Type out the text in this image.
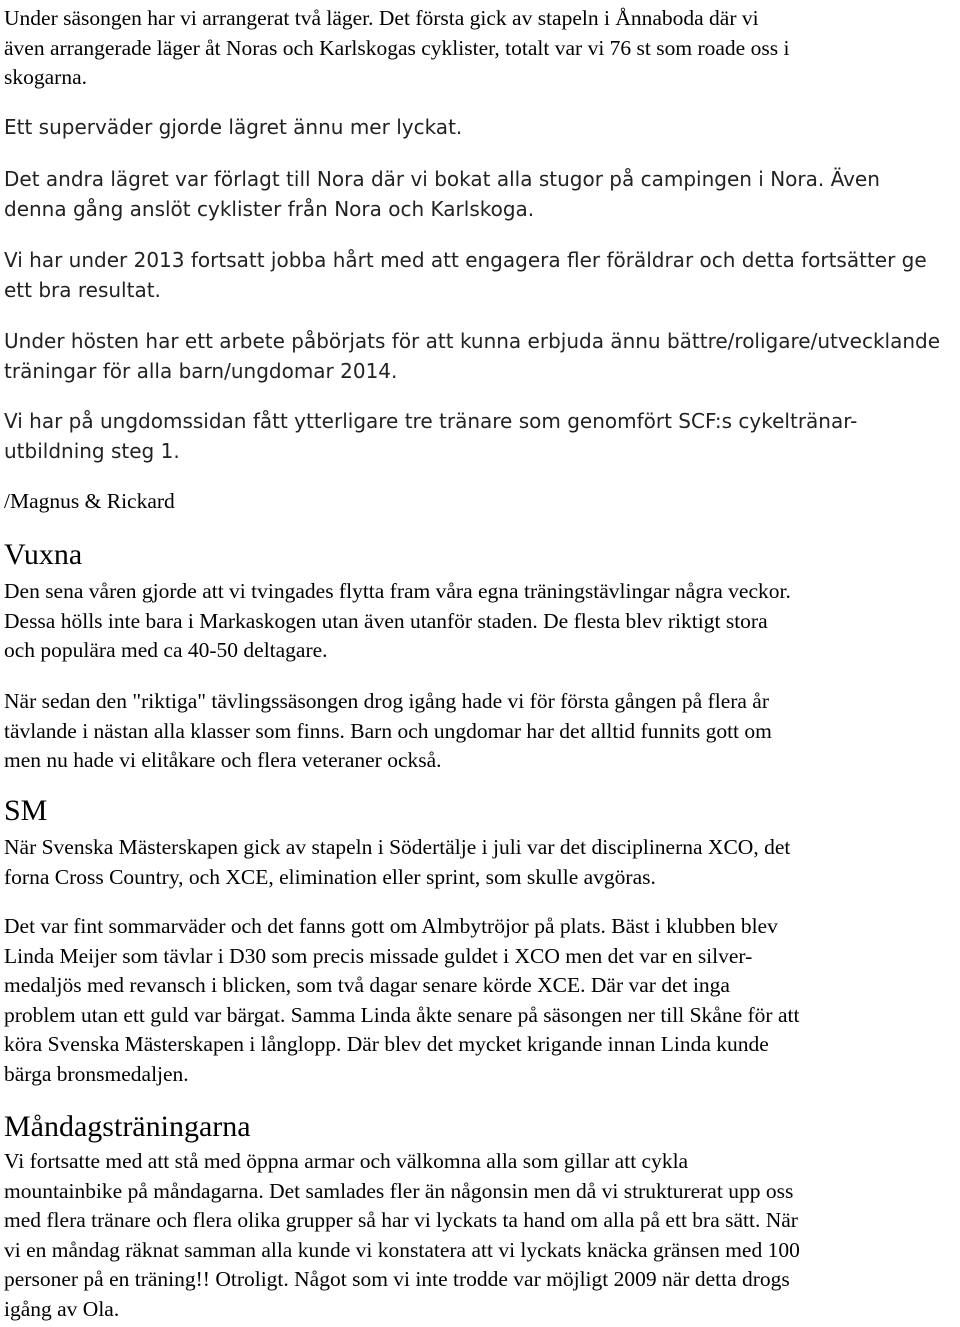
Under säsongen har vi arrangerat två läger. Det första gick av stapeln i Ånnaboda där vi
även arrangerade läger åt Noras och Karlskogas cyklister, totalt var vi 76 st som roade oss i
skogarna.

Ett superväder gjorde lägret ännu mer lyckat.

Det andra lägret var förlagt till Nora där vi bokat alla stugor på campingen i Nora. Även
denna gång anslöt cyklister från Nora och Karlskoga.

Vi har under 2013 fortsatt jobba hårt med att engagera fler föräldrar och detta fortsätter ge
ett bra resultat.

Under hösten har ett arbete påbörjats för att kunna erbjuda ännu bättre/roligare/utvecklande
träningar för alla barn/ungdomar 2014.

Vi har på ungdomssidan fått ytterligare tre tränare som genomfört SCF:s cykeltränar-
utbildning steg 1.

/Magnus & Rickard

Vuxna

Den sena våren gjorde att vi tvingades flytta fram våra egna träningstävlingar några veckor.
Dessa hölls inte bara i Markaskogen utan även utanför staden. De flesta blev riktigt stora
och populära med ca 40-50 deltagare.

När sedan den "riktiga" tävlingssäsongen drog igång hade vi för första gången på flera år
tävlande i nästan alla klasser som finns. Barn och ungdomar har det alltid funnits gott om
men nu hade vi elitåkare och flera veteraner också.

SM

När Svenska Mästerskapen gick av stapeln i Södertälje i juli var det disciplinerna XCO, det
forna Cross Country, och XCE, elimination eller sprint, som skulle avgöras.

Det var fint sommarväder och det fanns gott om Almbytröjor på plats. Bäst i klubben blev
Linda Meijer som tävlar i D30 som precis missade guldet i XCO men det var en silver-
medaljös med revansch i blicken, som två dagar senare körde XCE. Där var det inga
problem utan ett guld var bärgat. Samma Linda åkte senare på säsongen ner till Skåne för att
köra Svenska Mästerskapen i långlopp. Där blev det mycket krigande innan Linda kunde
bärga bronsmedaljen.

Måndagsträningarna

Vi fortsatte med att stå med öppna armar och välkomna alla som gillar att cykla
mountainbike på måndagarna. Det samlades fler än någonsin men då vi strukturerat upp oss
med flera tränare och flera olika grupper så har vi lyckats ta hand om alla på ett bra sätt. När
vi en måndag räknat samman alla kunde vi konstatera att vi lyckats knäcka gränsen med 100
personer på en träning!! Otroligt. Något som vi inte trodde var möjligt 2009 när detta drogs
igång av Ola.
